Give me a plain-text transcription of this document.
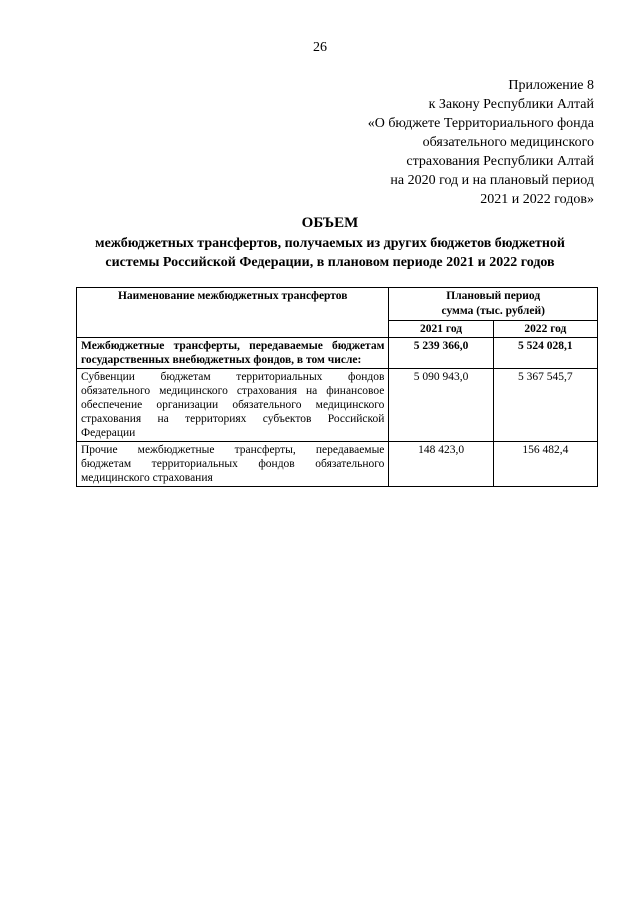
26
Приложение 8
к Закону Республики Алтай
«О бюджете Территориального фонда
обязательного медицинского
страхования Республики Алтай
на 2020 год и на плановый период
2021 и 2022 годов»
ОБЪЕМ
межбюджетных трансфертов, получаемых из других бюджетов бюджетной
системы Российской Федерации, в плановом периоде 2021 и 2022 годов
Наименование межбюджетных трансфертов	Плановый период
сумма (тыс. рублей)	

	2021 год	2022 год
Межбюджетные трансферты, передаваемые бюджетам государственных внебюджетных фондов, в том числе:	5 239 366,0	5 524 028,1
Субвенции бюджетам территориальных фондов обязательного медицинского страхования на финансовое обеспечение организации обязательного медицинского страхования на территориях субъектов Российской Федерации	5 090 943,0	5 367 545,7
Прочие межбюджетные трансферты, передаваемые бюджетам территориальных фондов обязательного медицинского страхования	148 423,0	156 482,4
